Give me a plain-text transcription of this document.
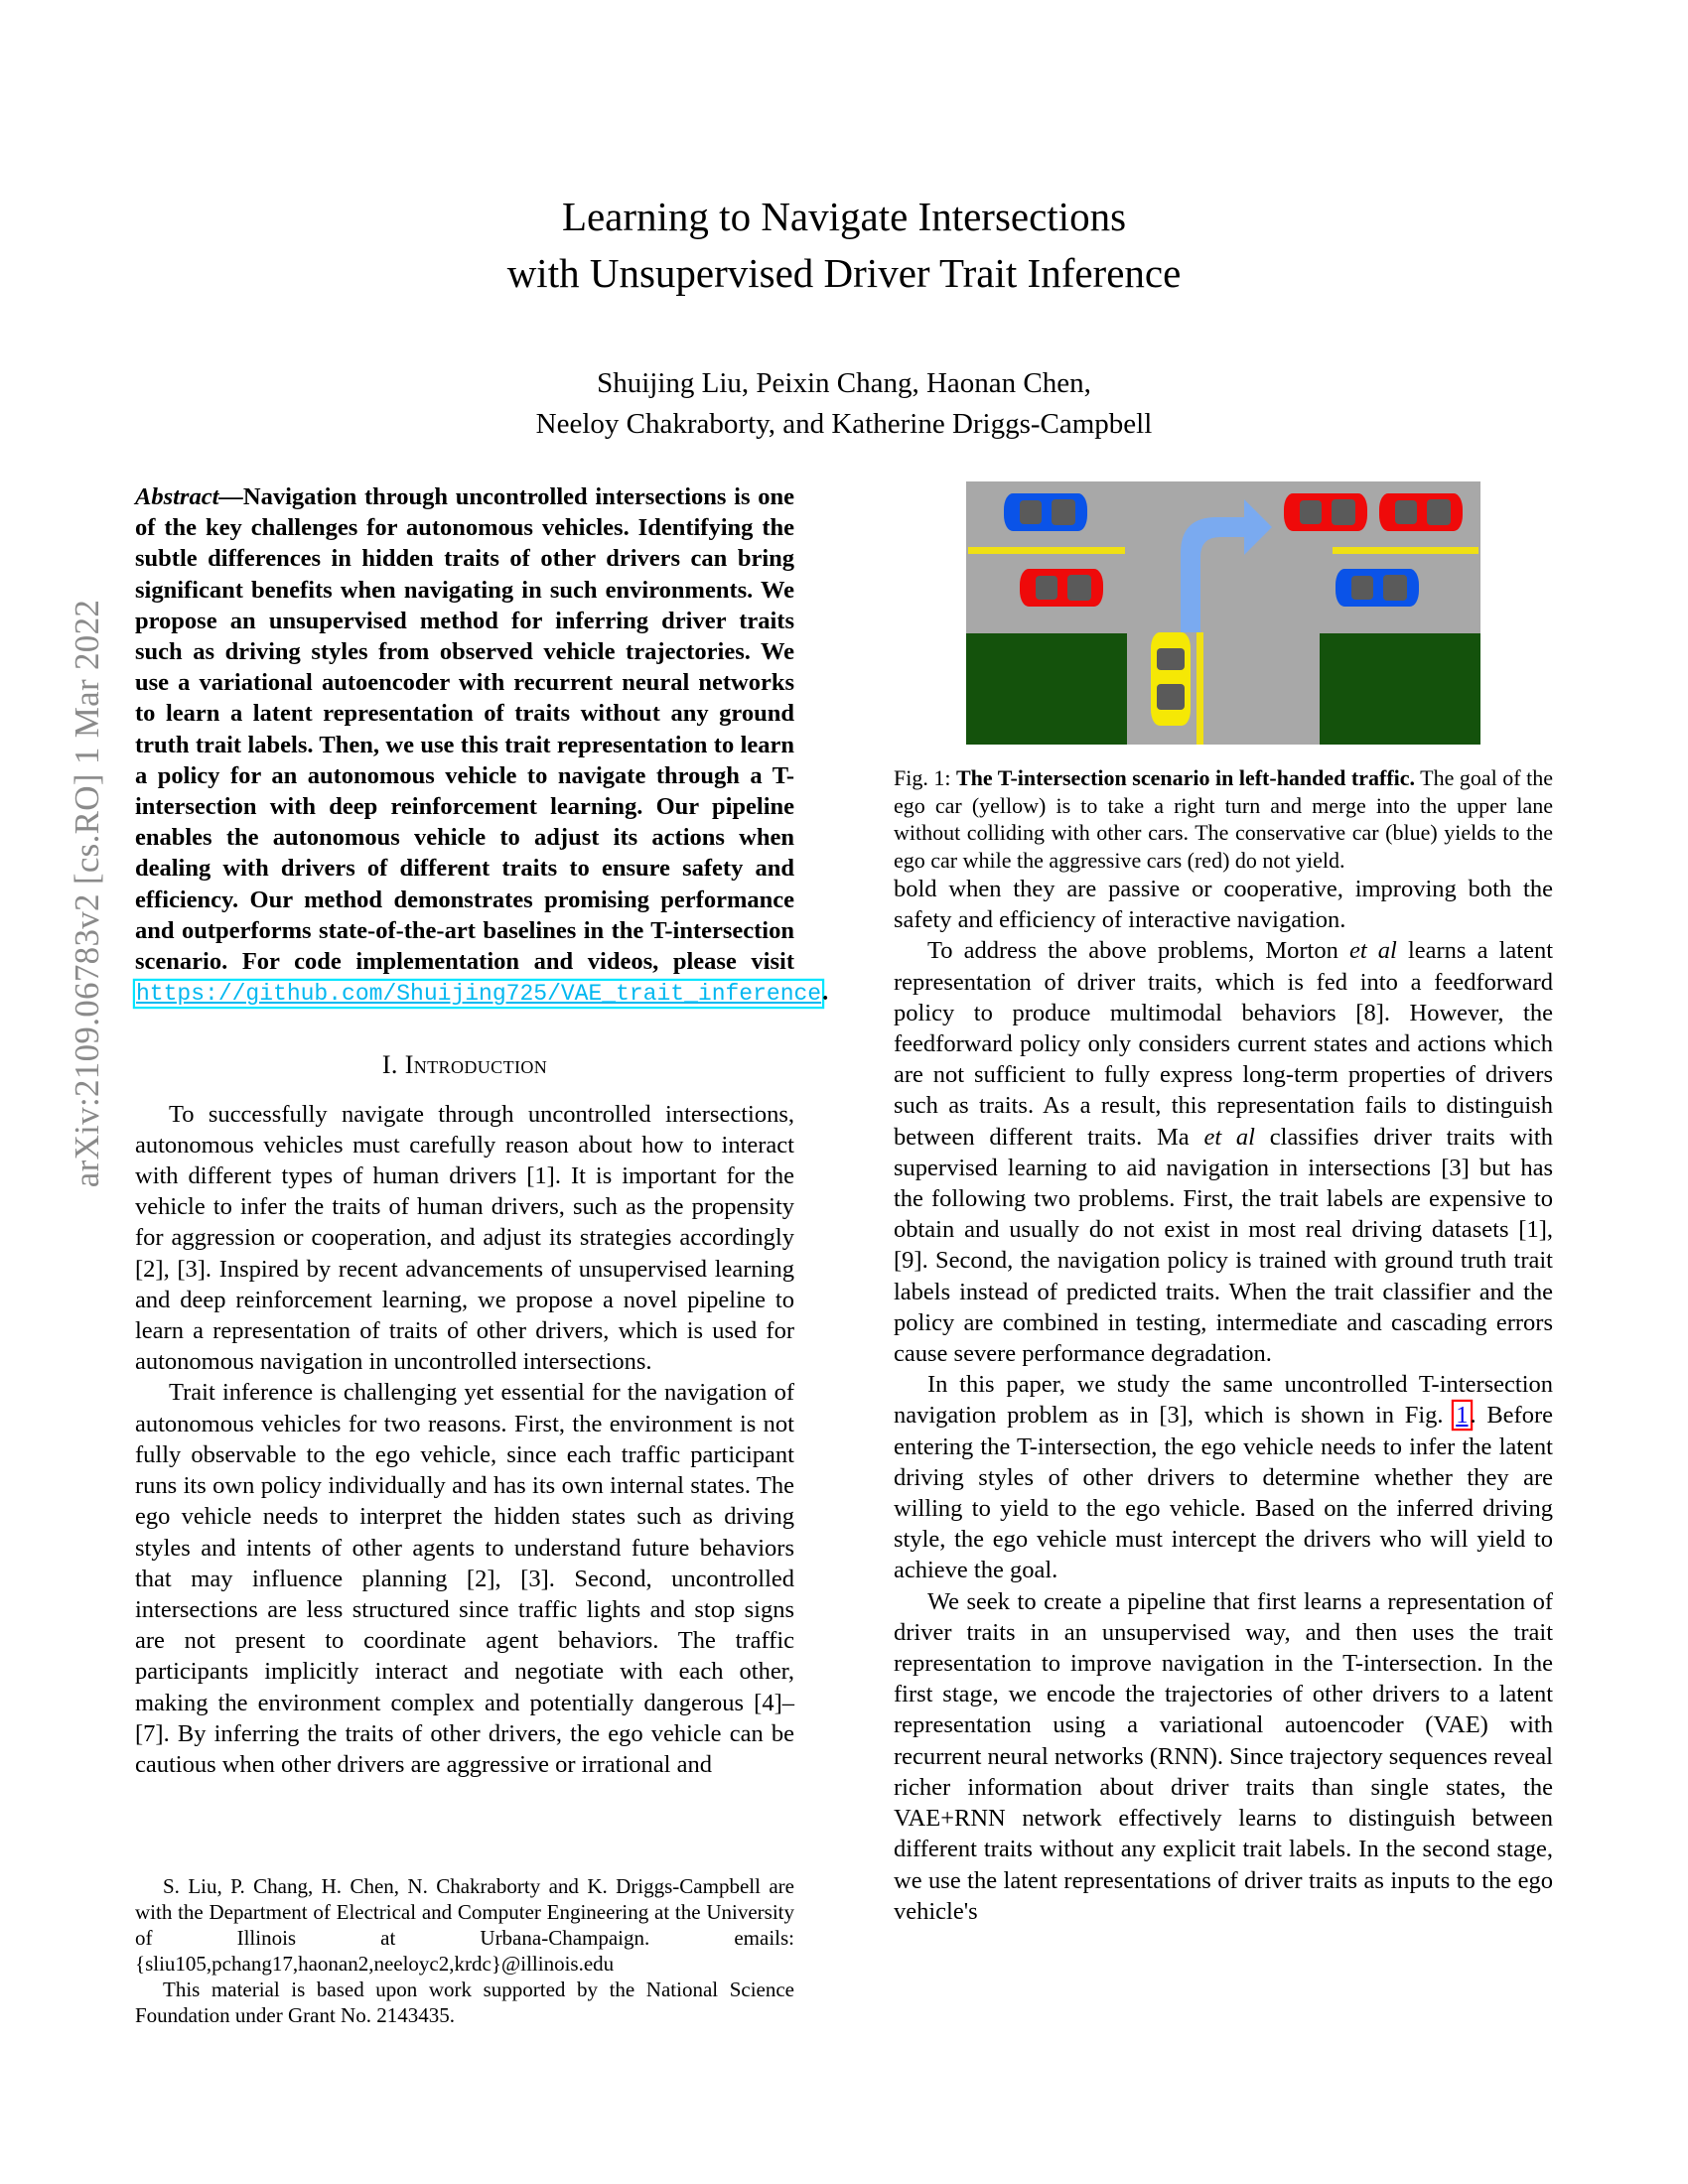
arXiv:2109.06783v2 [cs.RO] 1 Mar 2022
Learning to Navigate Intersections
with Unsupervised Driver Trait Inference
Shuijing Liu, Peixin Chang, Haonan Chen,
Neeloy Chakraborty, and Katherine Driggs-Campbell

Abstract—Navigation through uncontrolled intersections is one of the key challenges for autonomous vehicles. Identifying the subtle differences in hidden traits of other drivers can bring significant benefits when navigating in such environments. We propose an unsupervised method for inferring driver traits such as driving styles from observed vehicle trajectories. We use a variational autoencoder with recurrent neural networks to learn a latent representation of traits without any ground truth trait labels. Then, we use this trait representation to learn a policy for an autonomous vehicle to navigate through a T-intersection with deep reinforcement learning. Our pipeline enables the autonomous vehicle to adjust its actions when dealing with drivers of different traits to ensure safety and efficiency. Our method demonstrates promising performance and outperforms state-of-the-art baselines in the T-intersection scenario. For code implementation and videos, please visit https://github.com/Shuijing725/VAE_trait_inference.

I. Introduction

To successfully navigate through uncontrolled intersections, autonomous vehicles must carefully reason about how to interact with different types of human drivers [1]. It is important for the vehicle to infer the traits of human drivers, such as the propensity for aggression or cooperation, and adjust its strategies accordingly [2], [3]. Inspired by recent advancements of unsupervised learning and deep reinforcement learning, we propose a novel pipeline to learn a representation of traits of other drivers, which is used for autonomous navigation in uncontrolled intersections.

Trait inference is challenging yet essential for the navigation of autonomous vehicles for two reasons. First, the environment is not fully observable to the ego vehicle, since each traffic participant runs its own policy individually and has its own internal states. The ego vehicle needs to interpret the hidden states such as driving styles and intents of other agents to understand future behaviors that may influence planning [2], [3]. Second, uncontrolled intersections are less structured since traffic lights and stop signs are not present to coordinate agent behaviors. The traffic participants implicitly interact and negotiate with each other, making the environment complex and potentially dangerous [4]–[7]. By inferring the traits of other drivers, the ego vehicle can be cautious when other drivers are aggressive or irrational and

Fig. 1: The T-intersection scenario in left-handed traffic. The goal of the ego car (yellow) is to take a right turn and merge into the upper lane without colliding with other cars. The conservative car (blue) yields to the ego car while the aggressive cars (red) do not yield.

bold when they are passive or cooperative, improving both the safety and efficiency of interactive navigation.

To address the above problems, Morton et al learns a latent representation of driver traits, which is fed into a feedforward policy to produce multimodal behaviors [8]. However, the feedforward policy only considers current states and actions which are not sufficient to fully express long-term properties of drivers such as traits. As a result, this representation fails to distinguish between different traits. Ma et al classifies driver traits with supervised learning to aid navigation in intersections [3] but has the following two problems. First, the trait labels are expensive to obtain and usually do not exist in most real driving datasets [1], [9]. Second, the navigation policy is trained with ground truth trait labels instead of predicted traits. When the trait classifier and the policy are combined in testing, intermediate and cascading errors cause severe performance degradation.

In this paper, we study the same uncontrolled T-intersection navigation problem as in [3], which is shown in Fig. 1. Before entering the T-intersection, the ego vehicle needs to infer the latent driving styles of other drivers to determine whether they are willing to yield to the ego vehicle. Based on the inferred driving style, the ego vehicle must intercept the drivers who will yield to achieve the goal.

We seek to create a pipeline that first learns a representation of driver traits in an unsupervised way, and then uses the trait representation to improve navigation in the T-intersection. In the first stage, we encode the trajectories of other drivers to a latent representation using a variational autoencoder (VAE) with recurrent neural networks (RNN). Since trajectory sequences reveal richer information about driver traits than single states, the VAE+RNN network effectively learns to distinguish between different traits without any explicit trait labels. In the second stage, we use the latent representations of driver traits as inputs to the ego vehicle's

S. Liu, P. Chang, H. Chen, N. Chakraborty and K. Driggs-Campbell are with the Department of Electrical and Computer Engineering at the University of Illinois at Urbana-Champaign. emails: {sliu105,pchang17,haonan2,neeloyc2,krdc}@illinois.edu

This material is based upon work supported by the National Science Foundation under Grant No. 2143435.
